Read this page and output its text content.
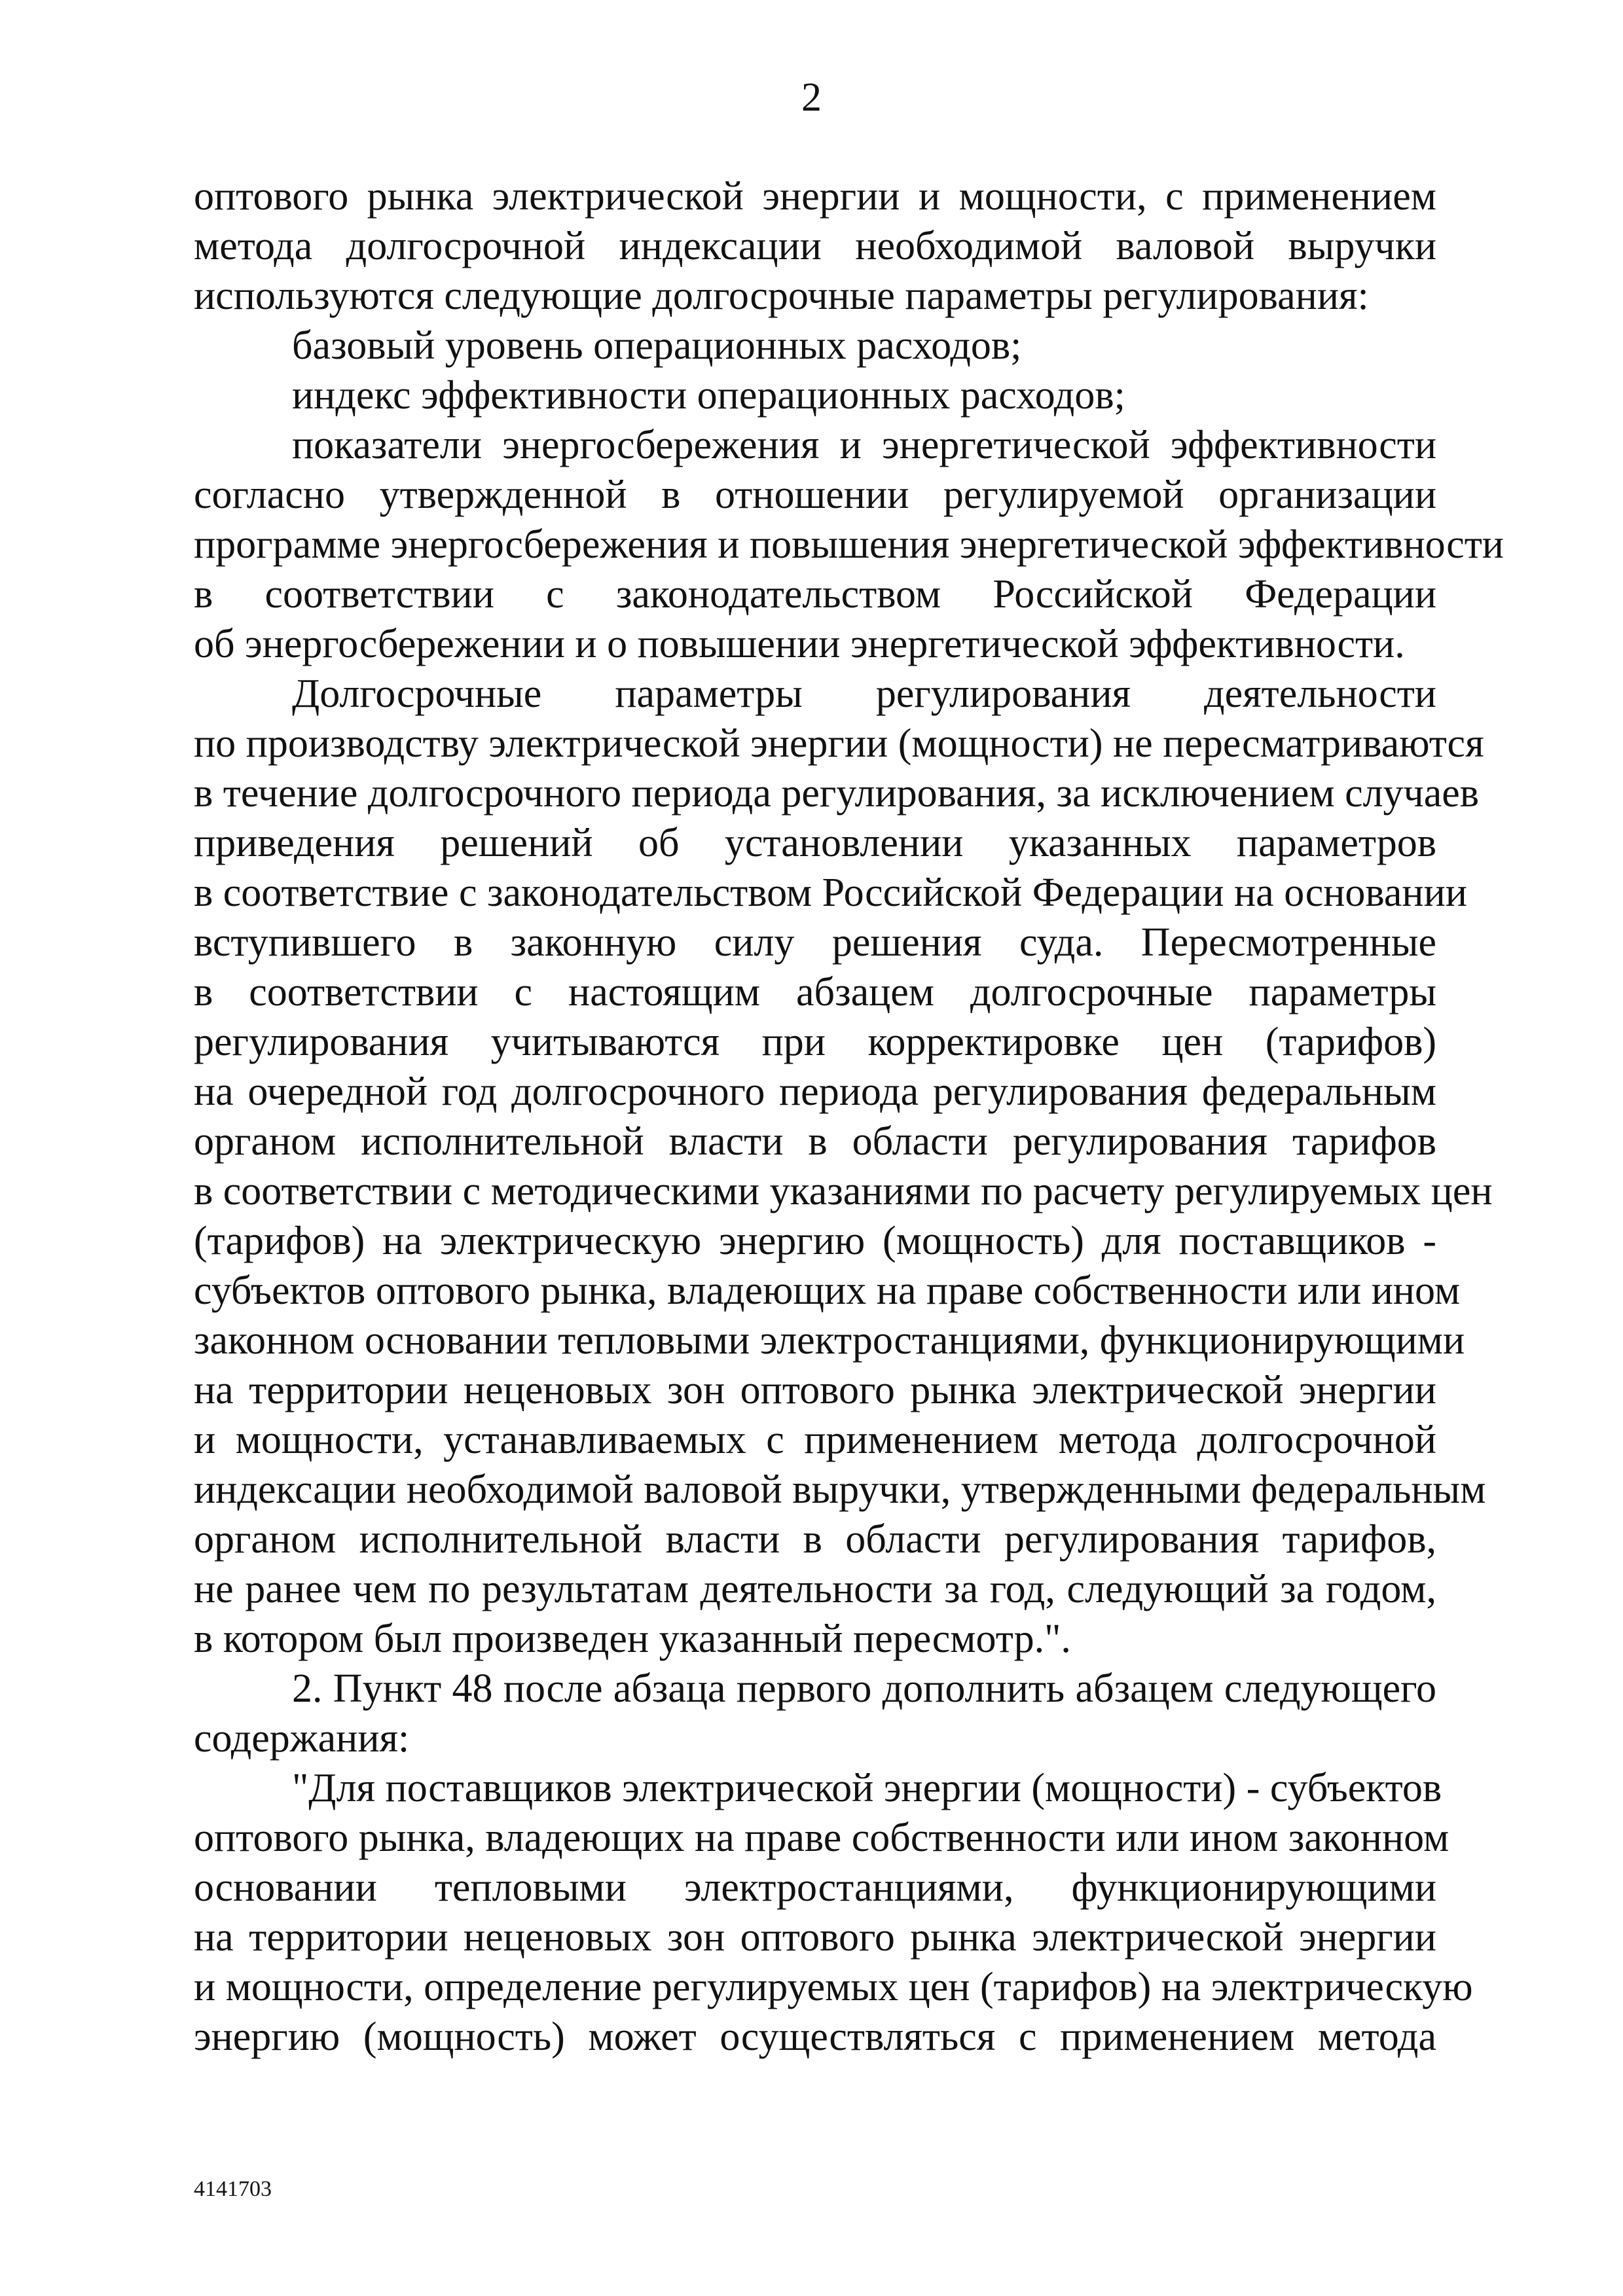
2

оптового рынка электрической энергии и мощности, с применением

метода долгосрочной индексации необходимой валовой выручки

используются следующие долгосрочные параметры регулирования:

базовый уровень операционных расходов;

индекс эффективности операционных расходов;

показатели энергосбережения и энергетической эффективности

согласно утвержденной в отношении регулируемой организации

программе энергосбережения и повышения энергетической эффективности

в соответствии с законодательством Российской Федерации

об энергосбережении и о повышении энергетической эффективности.

Долгосрочные параметры регулирования деятельности

по производству электрической энергии (мощности) не пересматриваются

в течение долгосрочного периода регулирования, за исключением случаев

приведения решений об установлении указанных параметров

в соответствие с законодательством Российской Федерации на основании

вступившего в законную силу решения суда. Пересмотренные

в соответствии с настоящим абзацем долгосрочные параметры

регулирования учитываются при корректировке цен (тарифов)

на очередной год долгосрочного периода регулирования федеральным

органом исполнительной власти в области регулирования тарифов

в соответствии с методическими указаниями по расчету регулируемых цен

(тарифов) на электрическую энергию (мощность) для поставщиков -

субъектов оптового рынка, владеющих на праве собственности или ином

законном основании тепловыми электростанциями, функционирующими

на территории неценовых зон оптового рынка электрической энергии

и мощности, устанавливаемых с применением метода долгосрочной

индексации необходимой валовой выручки, утвержденными федеральным

органом исполнительной власти в области регулирования тарифов,

не ранее чем по результатам деятельности за год, следующий за годом,

в котором был произведен указанный пересмотр.".

2. Пункт 48 после абзаца первого дополнить абзацем следующего

содержания:

"Для поставщиков электрической энергии (мощности) - субъектов

оптового рынка, владеющих на праве собственности или ином законном

основании тепловыми электростанциями, функционирующими

на территории неценовых зон оптового рынка электрической энергии

и мощности, определение регулируемых цен (тарифов) на электрическую

энергию (мощность) может осуществляться с применением метода

4141703
